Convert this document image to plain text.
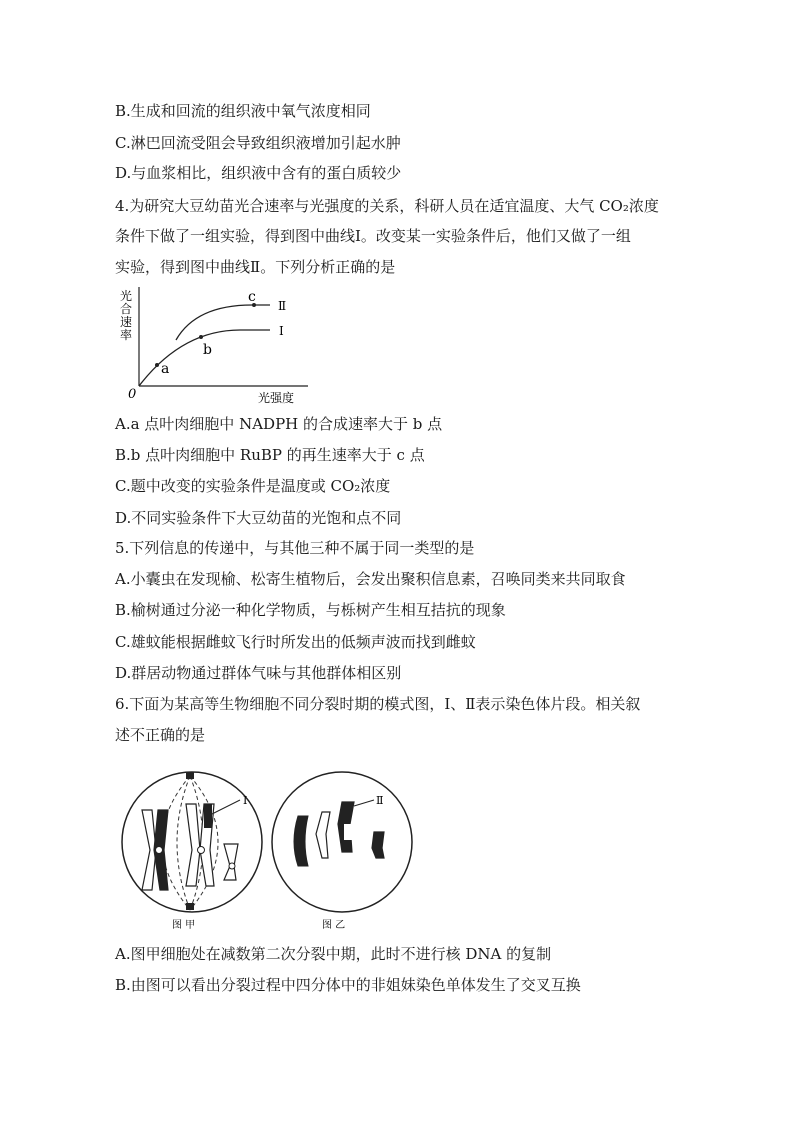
B.生成和回流的组织液中氧气浓度相同
C.淋巴回流受阻会导致组织液增加引起水肿
D.与血浆相比，组织液中含有的蛋白质较少
4.为研究大豆幼苗光合速率与光强度的关系，科研人员在适宜温度、大气 CO₂浓度
条件下做了一组实验，得到图中曲线Ⅰ。改变某一实验条件后，他们又做了一组
实验，得到图中曲线Ⅱ。下列分析正确的是
光
合
速
率
0	光强度
a
b
c
Ⅰ
Ⅱ
A.a 点叶肉细胞中 NADPH 的合成速率大于 b 点
B.b 点叶肉细胞中 RuBP 的再生速率大于 c 点
C.题中改变的实验条件是温度或 CO₂浓度
D.不同实验条件下大豆幼苗的光饱和点不同
5.下列信息的传递中，与其他三种不属于同一类型的是
A.小囊虫在发现榆、松寄生植物后，会发出聚积信息素，召唤同类来共同取食
B.榆树通过分泌一种化学物质，与栎树产生相互拮抗的现象
C.雄蚊能根据雌蚊飞行时所发出的低频声波而找到雌蚊
D.群居动物通过群体气味与其他群体相区别
6.下面为某高等生物细胞不同分裂时期的模式图，Ⅰ、Ⅱ表示染色体片段。相关叙
述不正确的是
Ⅰ	Ⅱ
图 甲	图 乙
A.图甲细胞处在减数第二次分裂中期，此时不进行核 DNA 的复制
B.由图可以看出分裂过程中四分体中的非姐妹染色单体发生了交叉互换
